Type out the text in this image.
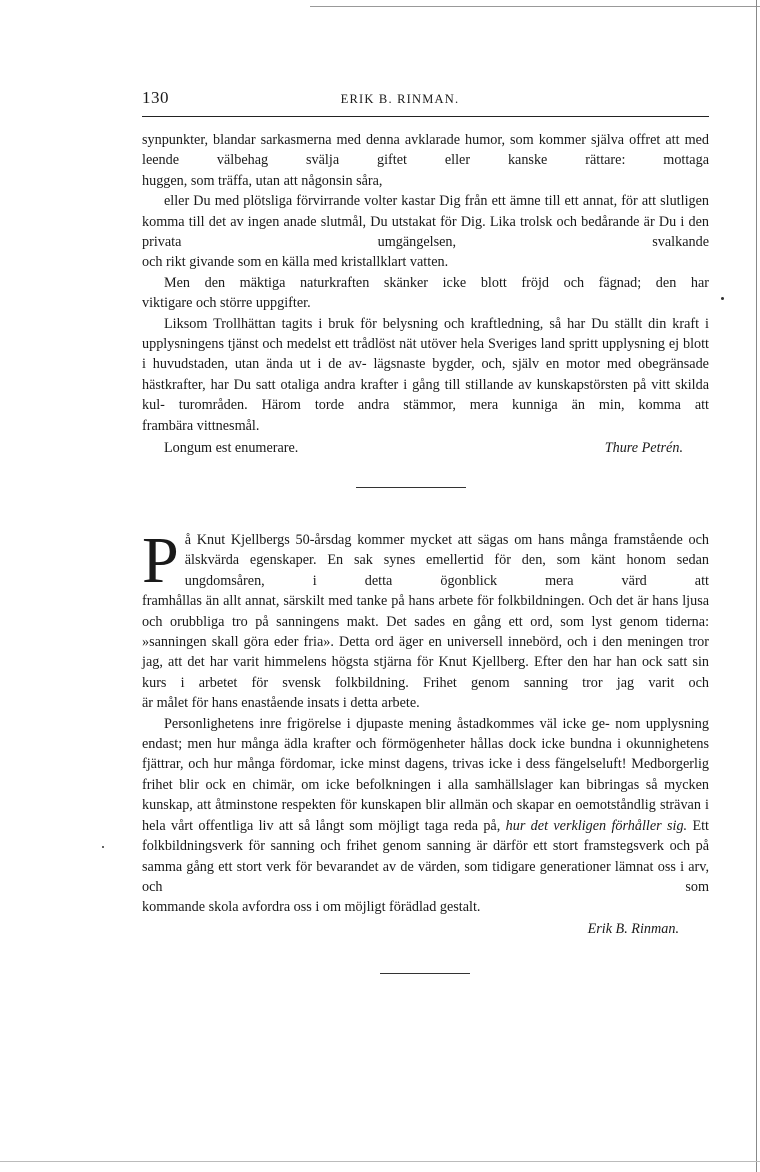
130	ERIK B. RINMAN.

synpunkter, blandar sarkasmerna med denna avklarade humor, som kommer själva offret att med leende välbehag svälja giftet eller kanske rättare: mottaga

huggen, som träffa, utan att någonsin såra,

eller Du med plötsliga förvirrande volter kastar Dig från ett ämne till ett annat, för att slutligen komma till det av ingen anade slutmål, Du utstakat för Dig. Lika trolsk och bedårande är Du i den privata umgängelsen, svalkande

och rikt givande som en källa med kristallklart vatten.

Men den mäktiga naturkraften skänker icke blott fröjd och fägnad; den har

viktigare och större uppgifter.

Liksom Trollhättan tagits i bruk för belysning och kraftledning, så har Du ställt din kraft i upplysningens tjänst och medelst ett trådlöst nät utöver hela Sveriges land spritt upplysning ej blott i huvudstaden, utan ända ut i de av- lägsnaste bygder, och, själv en motor med obegränsade hästkrafter, har Du satt otaliga andra krafter i gång till stillande av kunskapstörsten på vitt skilda kul- turområden. Härom torde andra stämmor, mera kunniga än min, komma att

frambära vittnesmål.

Longum est enumerare.	Thure Petrén.
P å Knut Kjellbergs 50-årsdag kommer mycket att sägas om hans många framstående och älskvärda egenskaper. En sak synes emellertid för den, som känt honom sedan ungdomsåren, i detta ögonblick mera värd att

framhållas än allt annat, särskilt med tanke på hans arbete för folkbildningen. Och det är hans ljusa och orubbliga tro på sanningens makt. Det sades en gång ett ord, som lyst genom tiderna: »sanningen skall göra eder fria». Detta ord äger en universell innebörd, och i den meningen tror jag, att det har varit himmelens högsta stjärna för Knut Kjellberg. Efter den har han ock satt sin kurs i arbetet för svensk folkbildning. Frihet genom sanning tror jag varit och

är målet för hans enastående insats i detta arbete.

Personlighetens inre frigörelse i djupaste mening åstadkommes väl icke ge- nom upplysning endast; men hur många ädla krafter och förmögenheter hållas dock icke bundna i okunnighetens fjättrar, och hur många fördomar, icke minst dagens, trivas icke i dess fängelseluft! Medborgerlig frihet blir ock en chimär, om icke befolkningen i alla samhällslager kan bibringas så mycken kunskap, att åtminstone respekten för kunskapen blir allmän och skapar en oemotståndlig strävan i hela vårt offentliga liv att så långt som möjligt taga reda på, hur det verkligen förhåller sig. Ett folkbildningsverk för sanning och frihet genom sanning är därför ett stort framstegsverk och på samma gång ett stort verk för bevarandet av de värden, som tidigare generationer lämnat oss i arv, och som

kommande skola avfordra oss i om möjligt förädlad gestalt.

Erik B. Rinman.
